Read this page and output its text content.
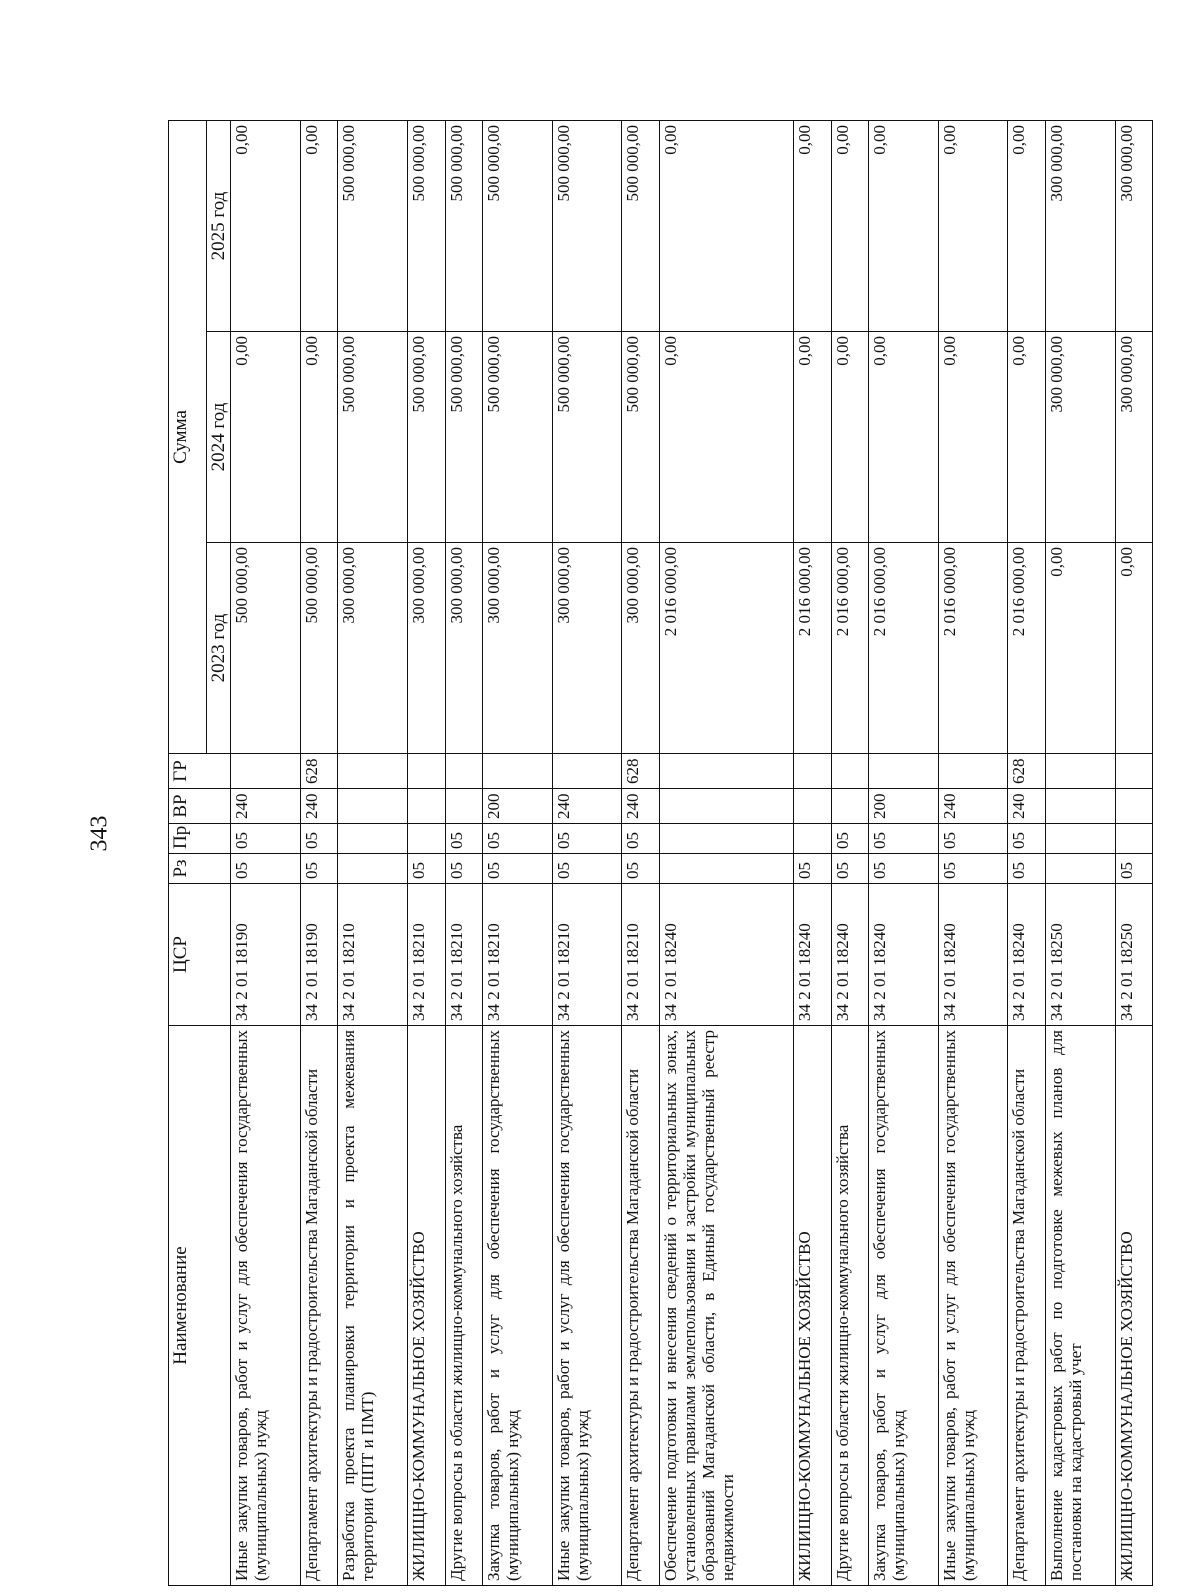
343
Наименование	ЦСР	Рз	Пр	ВР	ГР	Сумма		
						2023 год	2024 год	2025 год
Иные закупки товаров, работ и услуг для обеспечения государственных (муниципальных) нужд	34 2 01 18190	05	05	240		500 000,00	0,00	0,00
Департамент архитектуры и градостроительства Магаданской области	34 2 01 18190	05	05	240	628	500 000,00	0,00	0,00
Разработка проекта планировки территории и проекта межевания территории (ППТ и ПМТ)	34 2 01 18210					300 000,00	500 000,00	500 000,00
ЖИЛИЩНО-КОММУНАЛЬНОЕ ХОЗЯЙСТВО	34 2 01 18210	05				300 000,00	500 000,00	500 000,00
Другие вопросы в области жилищно-коммунального хозяйства	34 2 01 18210	05	05			300 000,00	500 000,00	500 000,00
Закупка товаров, работ и услуг для обеспечения государственных (муниципальных) нужд	34 2 01 18210	05	05	200		300 000,00	500 000,00	500 000,00
Иные закупки товаров, работ и услуг для обеспечения государственных (муниципальных) нужд	34 2 01 18210	05	05	240		300 000,00	500 000,00	500 000,00
Департамент архитектуры и градостроительства Магаданской области	34 2 01 18210	05	05	240	628	300 000,00	500 000,00	500 000,00
Обеспечение подготовки и внесения сведений о территориальных зонах, установленных правилами землепользования и застройки муниципальных образований Магаданской области, в Единый государственный реестр недвижимости	34 2 01 18240					2 016 000,00	0,00	0,00
ЖИЛИЩНО-КОММУНАЛЬНОЕ ХОЗЯЙСТВО	34 2 01 18240	05				2 016 000,00	0,00	0,00
Другие вопросы в области жилищно-коммунального хозяйства	34 2 01 18240	05	05			2 016 000,00	0,00	0,00
Закупка товаров, работ и услуг для обеспечения государственных (муниципальных) нужд	34 2 01 18240	05	05	200		2 016 000,00	0,00	0,00
Иные закупки товаров, работ и услуг для обеспечения государственных (муниципальных) нужд	34 2 01 18240	05	05	240		2 016 000,00	0,00	0,00
Департамент архитектуры и градостроительства Магаданской области	34 2 01 18240	05	05	240	628	2 016 000,00	0,00	0,00
Выполнение кадастровых работ по подготовке межевых планов для постановки на кадастровый учет	34 2 01 18250					0,00	300 000,00	300 000,00
ЖИЛИЩНО-КОММУНАЛЬНОЕ ХОЗЯЙСТВО	34 2 01 18250	05				0,00	300 000,00	300 000,00
